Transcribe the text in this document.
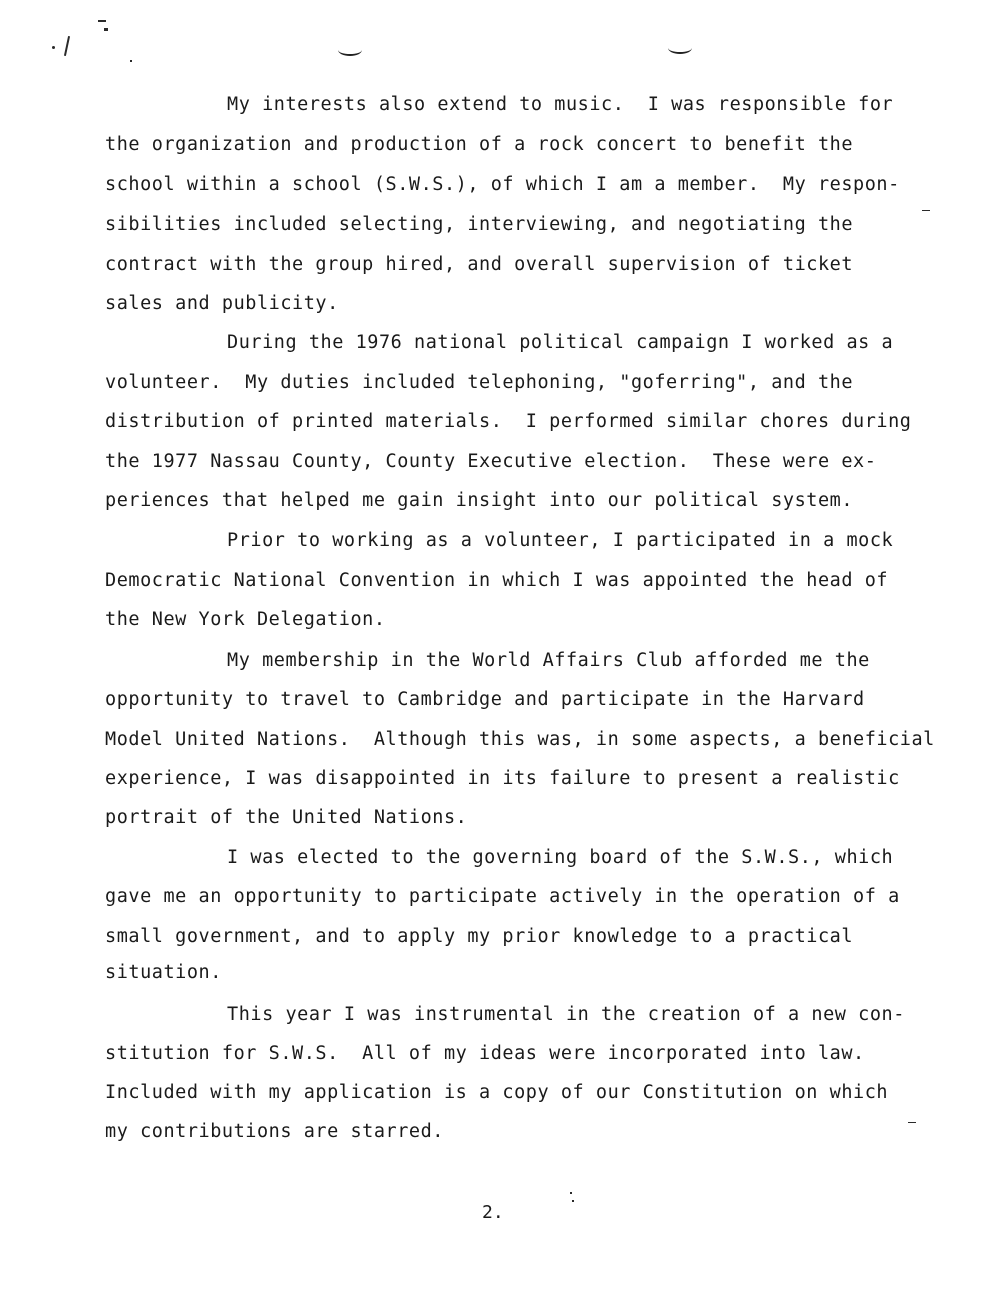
My interests also extend to music.  I was responsible for
the organization and production of a rock concert to benefit the
school within a school (S.W.S.), of which I am a member.  My respon-
sibilities included selecting, interviewing, and negotiating the
contract with the group hired, and overall supervision of ticket
sales and publicity.
During the 1976 national political campaign I worked as a
volunteer.  My duties included telephoning, "goferring", and the
distribution of printed materials.  I performed similar chores during
the 1977 Nassau County, County Executive election.  These were ex-
periences that helped me gain insight into our political system.
Prior to working as a volunteer, I participated in a mock
Democratic National Convention in which I was appointed the head of
the New York Delegation.
My membership in the World Affairs Club afforded me the
opportunity to travel to Cambridge and participate in the Harvard
Model United Nations.  Although this was, in some aspects, a beneficial
experience, I was disappointed in its failure to present a realistic
portrait of the United Nations.
I was elected to the governing board of the S.W.S., which
gave me an opportunity to participate actively in the operation of a
small government, and to apply my prior knowledge to a practical
situation.
This year I was instrumental in the creation of a new con-
stitution for S.W.S.  All of my ideas were incorporated into law.
Included with my application is a copy of our Constitution on which
my contributions are starred.
2.
